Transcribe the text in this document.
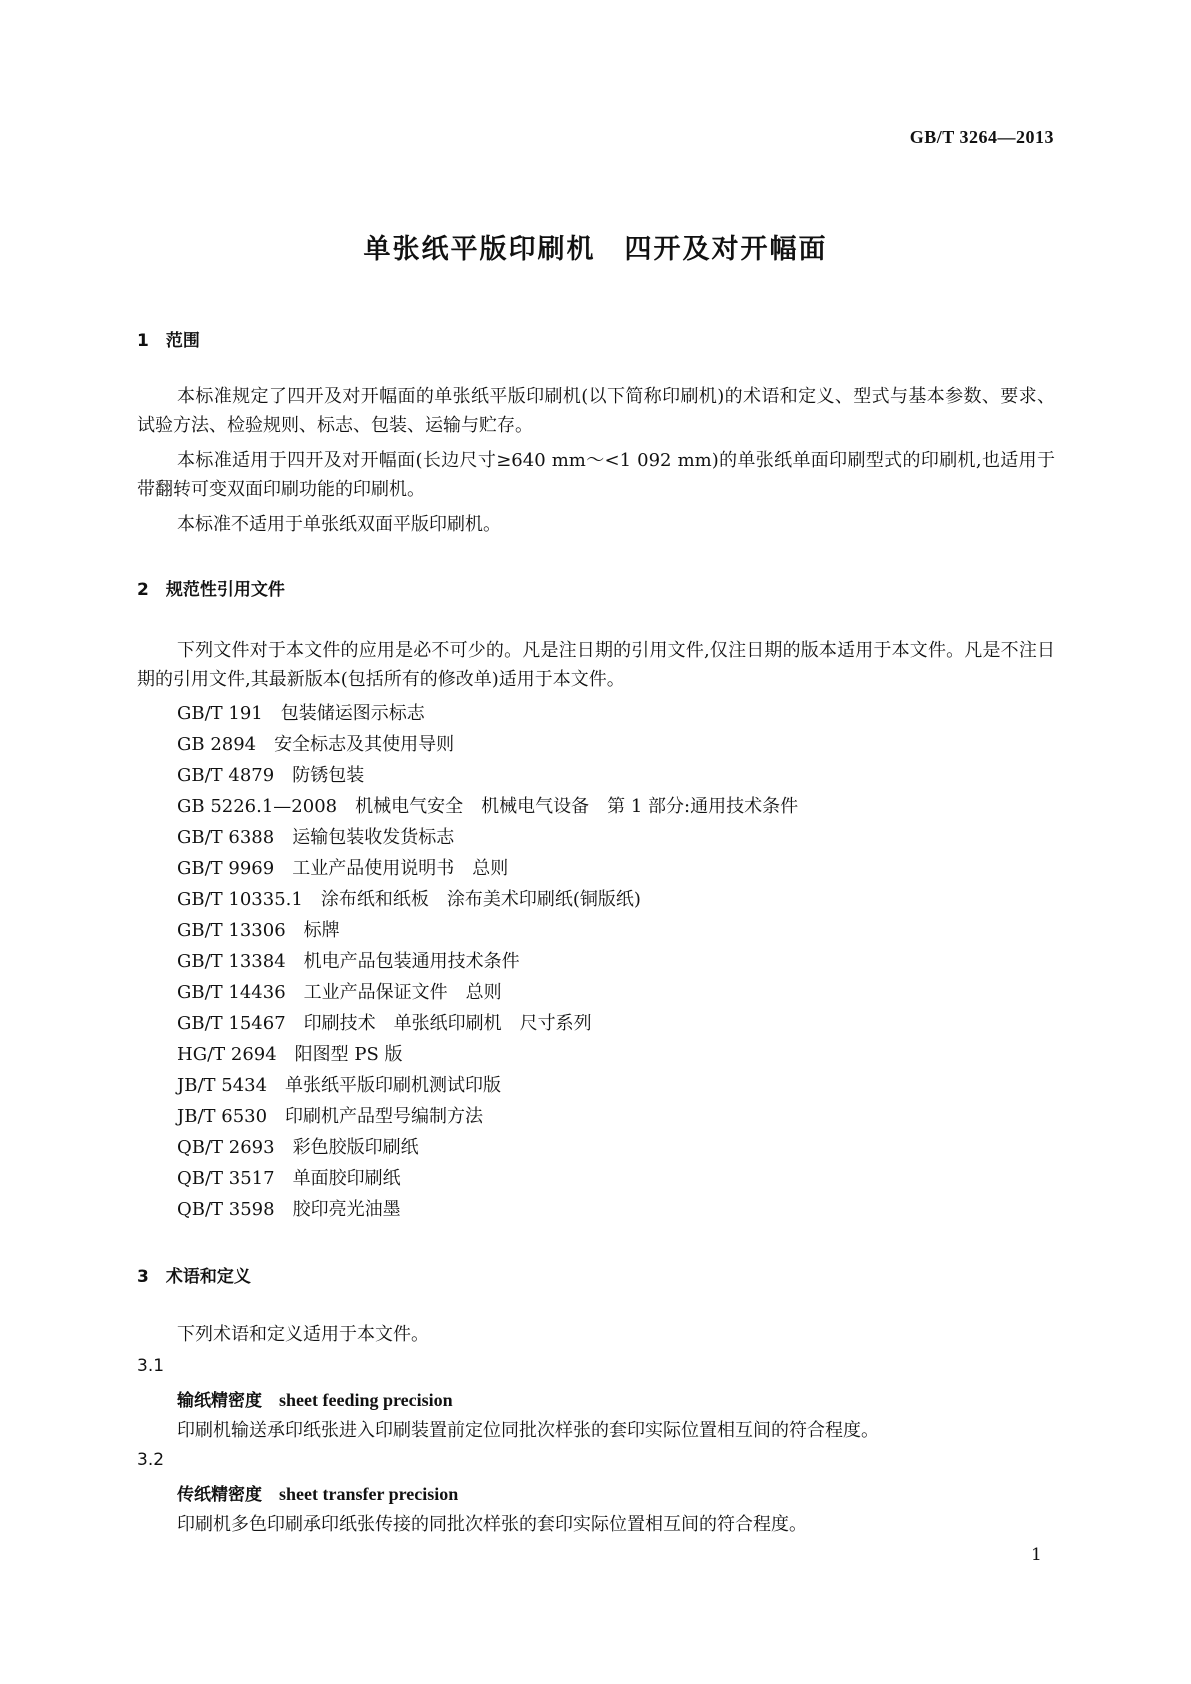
GB/T 3264—2013
单张纸平版印刷机　四开及对开幅面
1　范围

本标准规定了四开及对开幅面的单张纸平版印刷机(以下简称印刷机)的术语和定义、型式与基本参数、要求、试验方法、检验规则、标志、包装、运输与贮存。

本标准适用于四开及对开幅面(长边尺寸≥640 mm～<1 092 mm)的单张纸单面印刷型式的印刷机,也适用于带翻转可变双面印刷功能的印刷机。

本标准不适用于单张纸双面平版印刷机。

2　规范性引用文件

下列文件对于本文件的应用是必不可少的。凡是注日期的引用文件,仅注日期的版本适用于本文件。凡是不注日期的引用文件,其最新版本(包括所有的修改单)适用于本文件。

GB/T 191　包装储运图示标志
GB 2894　安全标志及其使用导则
GB/T 4879　防锈包装
GB 5226.1—2008　机械电气安全　机械电气设备　第 1 部分:通用技术条件
GB/T 6388　运输包装收发货标志
GB/T 9969　工业产品使用说明书　总则
GB/T 10335.1　涂布纸和纸板　涂布美术印刷纸(铜版纸)
GB/T 13306　标牌
GB/T 13384　机电产品包装通用技术条件
GB/T 14436　工业产品保证文件　总则
GB/T 15467　印刷技术　单张纸印刷机　尺寸系列
HG/T 2694　阳图型 PS 版
JB/T 5434　单张纸平版印刷机测试印版
JB/T 6530　印刷机产品型号编制方法
QB/T 2693　彩色胶版印刷纸
QB/T 3517　单面胶印刷纸
QB/T 3598　胶印亮光油墨
3　术语和定义

下列术语和定义适用于本文件。

3.1
输纸精密度　 sheet feeding precision
印刷机输送承印纸张进入印刷装置前定位同批次样张的套印实际位置相互间的符合程度。
3.2
传纸精密度　 sheet transfer precision
印刷机多色印刷承印纸张传接的同批次样张的套印实际位置相互间的符合程度。
1
